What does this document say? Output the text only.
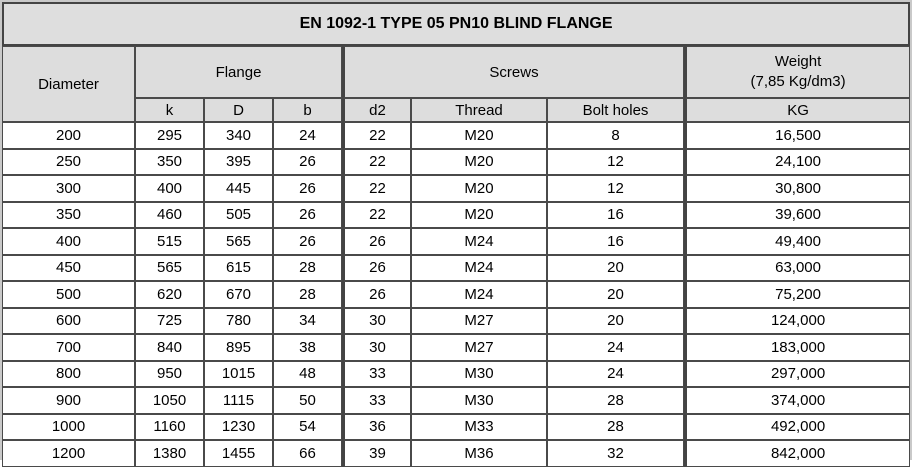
EN 1092-1 TYPE 05 PN10 BLIND FLANGE							
Diameter	Flange			Screws			Weight
(7,85 Kg/dm3)
	k	D	b	d2	Thread	Bolt holes	KG
200	295	340	24	22	M20	8	16,500
250	350	395	26	22	M20	12	24,100
300	400	445	26	22	M20	12	30,800
350	460	505	26	22	M20	16	39,600
400	515	565	26	26	M24	16	49,400
450	565	615	28	26	M24	20	63,000
500	620	670	28	26	M24	20	75,200
600	725	780	34	30	M27	20	124,000
700	840	895	38	30	M27	24	183,000
800	950	1015	48	33	M30	24	297,000
900	1050	1115	50	33	M30	28	374,000
1000	1160	1230	54	36	M33	28	492,000
1200	1380	1455	66	39	M36	32	842,000
